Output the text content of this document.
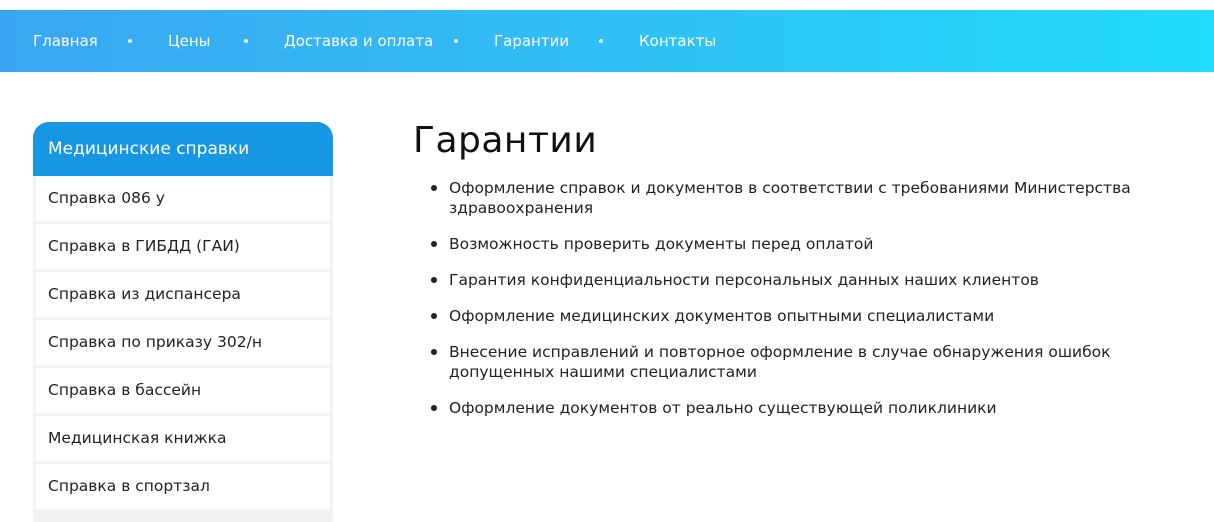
Главная	Цены	Доставка и оплата	Гарантии	Контакты
Медицинские справки
Справка 086 у
Справка в ГИБДД (ГАИ)
Справка из диспансера
Справка по приказу 302/н
Справка в бассейн
Медицинская книжка
Справка в спортзал
Гарантии
Оформление справок и документов в соответствии с требованиями Министерства здравоохранения
Возможность проверить документы перед оплатой
Гарантия конфиденциальности персональных данных наших клиентов
Оформление медицинских документов опытными специалистами
Внесение исправлений и повторное оформление в случае обнаружения ошибок допущенных нашими специалистами
Оформление документов от реально существующей поликлиники
